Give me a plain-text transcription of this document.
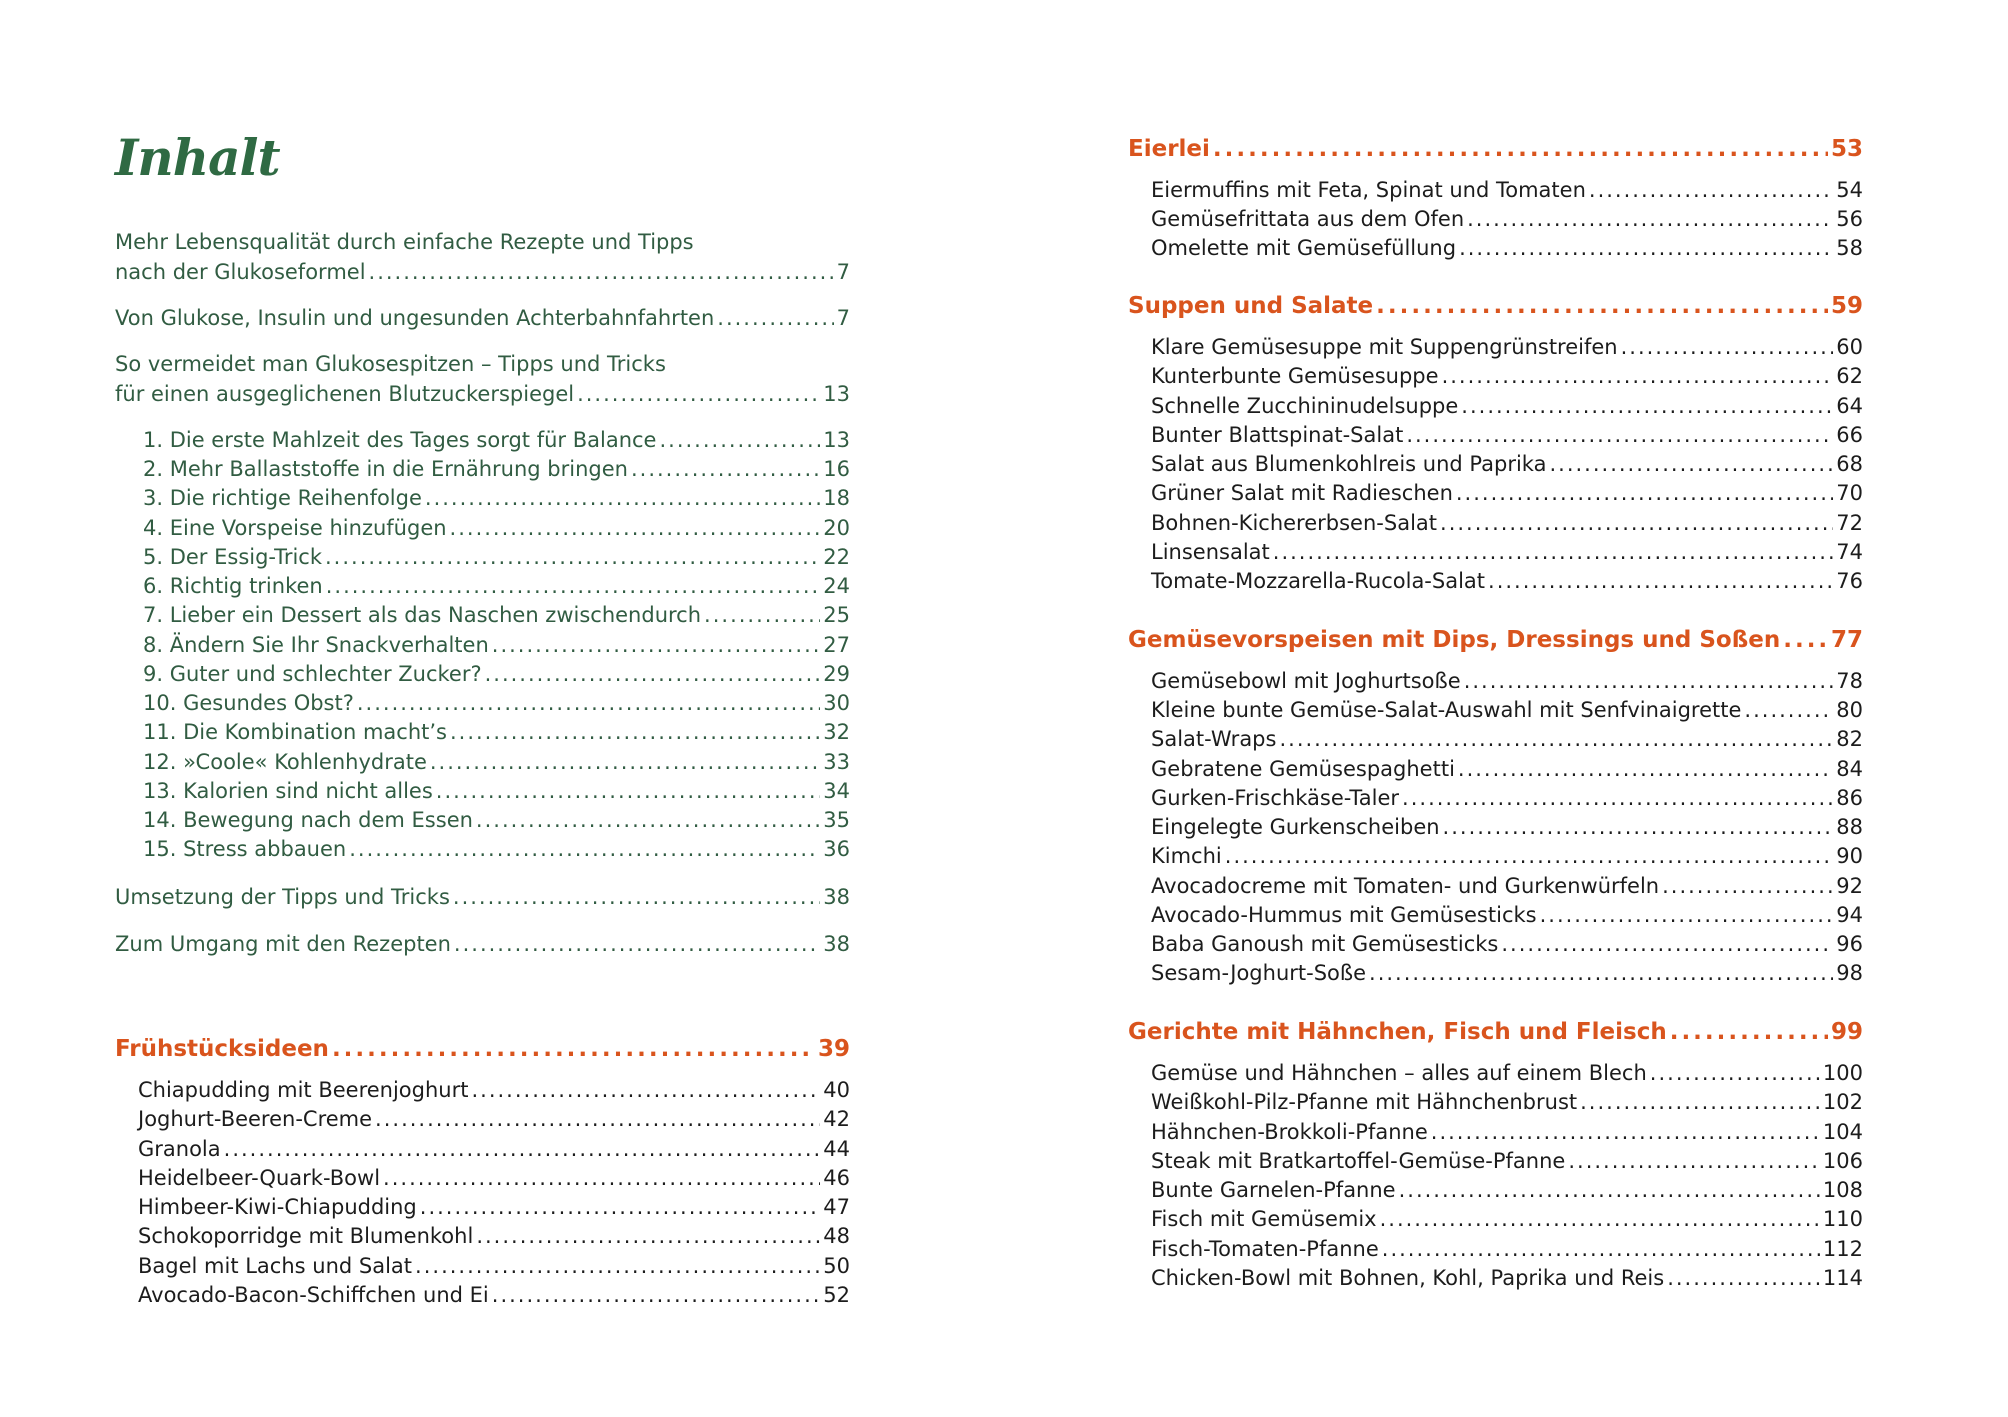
Inhalt
Mehr Lebensqualität durch einfache Rezepte und Tipps
nach der Glukoseformel .....	7
Von Glukose, Insulin und ungesunden Achterbahnfahrten .....	7
So vermeidet man Glukosespitzen – Tipps und Tricks
für einen ausgeglichenen Blutzuckerspiegel .....	13
1. Die erste Mahlzeit des Tages sorgt für Balance .....	13
2. Mehr Ballaststoffe in die Ernährung bringen .....	16
3. Die richtige Reihenfolge .....	18
4. Eine Vorspeise hinzufügen .....	20
5. Der Essig-Trick .....	22
6. Richtig trinken .....	24
7. Lieber ein Dessert als das Naschen zwischendurch .....	25
8. Ändern Sie Ihr Snackverhalten .....	27
9. Guter und schlechter Zucker? .....	29
10. Gesundes Obst? .....	30
11. Die Kombination macht’s .....	32
12. »Coole« Kohlenhydrate .....	33
13. Kalorien sind nicht alles .....	34
14. Bewegung nach dem Essen .....	35
15. Stress abbauen .....	36
Umsetzung der Tipps und Tricks .....	38
Zum Umgang mit den Rezepten .....	38
Frühstücksideen .....	39
Chiapudding mit Beerenjoghurt .....	40
Joghurt-Beeren-Creme .....	42
Granola .....	44
Heidelbeer-Quark-Bowl .....	46
Himbeer-Kiwi-Chiapudding .....	47
Schokoporridge mit Blumenkohl .....	48
Bagel mit Lachs und Salat .....	50
Avocado-Bacon-Schiffchen und Ei .....	52
Eierlei .....	53
Eiermuffins mit Feta, Spinat und Tomaten .....	54
Gemüsefrittata aus dem Ofen .....	56
Omelette mit Gemüsefüllung .....	58
Suppen und Salate .....	59
Klare Gemüsesuppe mit Suppengrünstreifen .....	60
Kunterbunte Gemüsesuppe .....	62
Schnelle Zucchininudelsuppe .....	64
Bunter Blattspinat-Salat .....	66
Salat aus Blumenkohlreis und Paprika .....	68
Grüner Salat mit Radieschen .....	70
Bohnen-Kichererbsen-Salat .....	72
Linsensalat .....	74
Tomate-Mozzarella-Rucola-Salat .....	76
Gemüsevorspeisen mit Dips, Dressings und Soßen ..... 77
Gemüsebowl mit Joghurtsoße .....	78
Kleine bunte Gemüse-Salat-Auswahl mit Senfvinaigrette .....	80
Salat-Wraps .....	82
Gebratene Gemüsespaghetti .....	84
Gurken-Frischkäse-Taler .....	86
Eingelegte Gurkenscheiben .....	88
Kimchi .....	90
Avocadocreme mit Tomaten- und Gurkenwürfeln .....	92
Avocado-Hummus mit Gemüsesticks .....	94
Baba Ganoush mit Gemüsesticks .....	96
Sesam-Joghurt-Soße .....	98
Gerichte mit Hähnchen, Fisch und Fleisch .....	99
Gemüse und Hähnchen – alles auf einem Blech .....	100
Weißkohl-Pilz-Pfanne mit Hähnchenbrust .....	102
Hähnchen-Brokkoli-Pfanne .....	104
Steak mit Bratkartoffel-Gemüse-Pfanne .....	106
Bunte Garnelen-Pfanne .....	108
Fisch mit Gemüsemix .....	110
Fisch-Tomaten-Pfanne .....	112
Chicken-Bowl mit Bohnen, Kohl, Paprika und Reis .....	114
